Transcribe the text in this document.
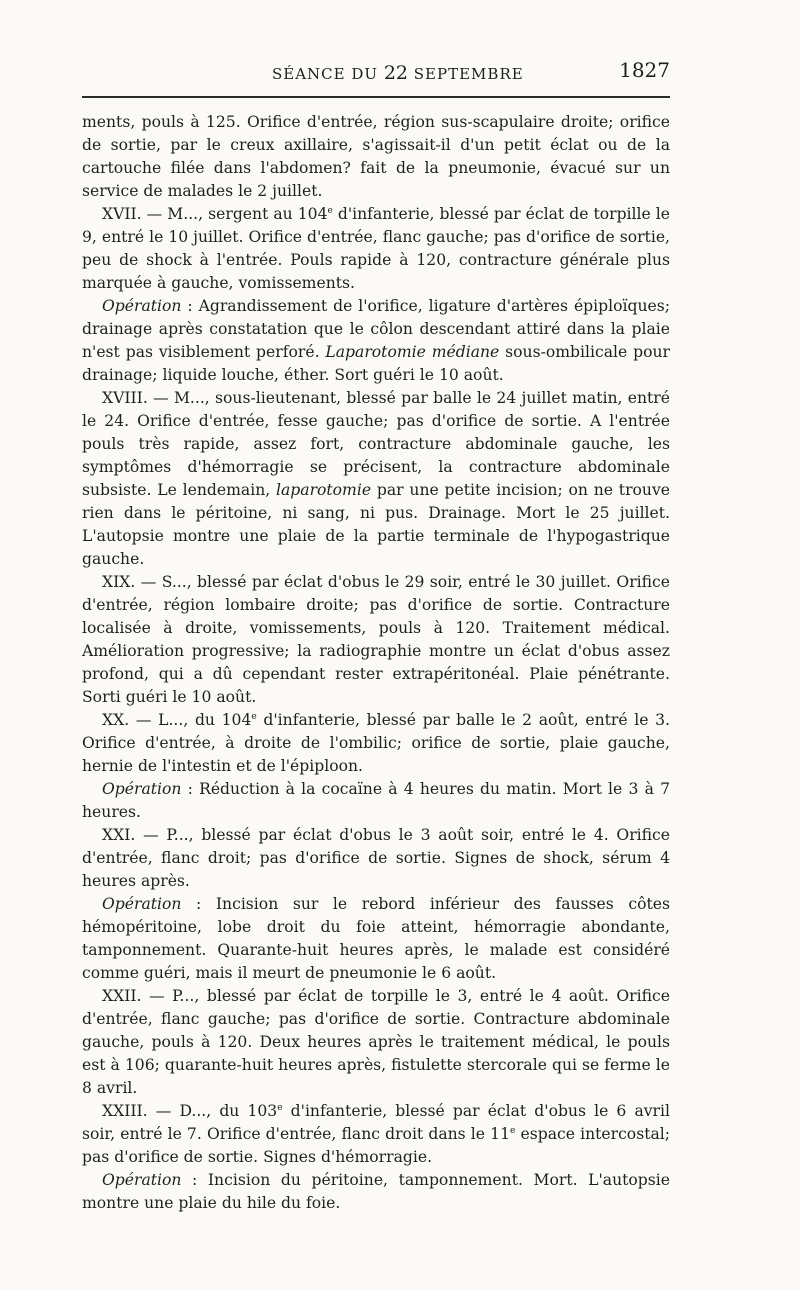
SÉANCE DU 22 SEPTEMBRE	1827

ments, pouls à 125. Orifice d'entrée, région sus-scapulaire droite; orifice de sortie, par le creux axillaire, s'agissait-il d'un petit éclat ou de la cartouche filée dans l'abdomen? fait de la pneumonie, évacué sur un service de malades le 2 juillet.

XVII. — M..., sergent au 104e d'infanterie, blessé par éclat de torpille le 9, entré le 10 juillet. Orifice d'entrée, flanc gauche; pas d'orifice de sortie, peu de shock à l'entrée. Pouls rapide à 120, contracture générale plus marquée à gauche, vomissements.

Opération : Agrandissement de l'orifice, ligature d'artères épiploïques; drainage après constatation que le côlon descendant attiré dans la plaie n'est pas visiblement perforé. Laparotomie médiane sous-ombilicale pour drainage; liquide louche, éther. Sort guéri le 10 août.

XVIII. — M..., sous-lieutenant, blessé par balle le 24 juillet matin, entré le 24. Orifice d'entrée, fesse gauche; pas d'orifice de sortie. A l'entrée pouls très rapide, assez fort, contracture abdominale gauche, les symptômes d'hémorragie se précisent, la contracture abdominale subsiste. Le lendemain, laparotomie par une petite incision; on ne trouve rien dans le péritoine, ni sang, ni pus. Drainage. Mort le 25 juillet. L'autopsie montre une plaie de la partie terminale de l'hypogastrique gauche.

XIX. — S..., blessé par éclat d'obus le 29 soir, entré le 30 juillet. Orifice d'entrée, région lombaire droite; pas d'orifice de sortie. Contracture localisée à droite, vomissements, pouls à 120. Traitement médical. Amélioration progressive; la radiographie montre un éclat d'obus assez profond, qui a dû cependant rester extrapéritonéal. Plaie pénétrante. Sorti guéri le 10 août.

XX. — L..., du 104e d'infanterie, blessé par balle le 2 août, entré le 3. Orifice d'entrée, à droite de l'ombilic; orifice de sortie, plaie gauche, hernie de l'intestin et de l'épiploon.

Opération : Réduction à la cocaïne à 4 heures du matin. Mort le 3 à 7 heures.

XXI. — P..., blessé par éclat d'obus le 3 août soir, entré le 4. Orifice d'entrée, flanc droit; pas d'orifice de sortie. Signes de shock, sérum 4 heures après.

Opération : Incision sur le rebord inférieur des fausses côtes hémopéritoine, lobe droit du foie atteint, hémorragie abondante, tamponnement. Quarante-huit heures après, le malade est considéré comme guéri, mais il meurt de pneumonie le 6 août.

XXII. — P..., blessé par éclat de torpille le 3, entré le 4 août. Orifice d'entrée, flanc gauche; pas d'orifice de sortie. Contracture abdominale gauche, pouls à 120. Deux heures après le traitement médical, le pouls est à 106; quarante-huit heures après, fistulette stercorale qui se ferme le 8 avril.

XXIII. — D..., du 103e d'infanterie, blessé par éclat d'obus le 6 avril soir, entré le 7. Orifice d'entrée, flanc droit dans le 11e espace intercostal; pas d'orifice de sortie. Signes d'hémorragie.

Opération : Incision du péritoine, tamponnement. Mort. L'autopsie montre une plaie du hile du foie.
